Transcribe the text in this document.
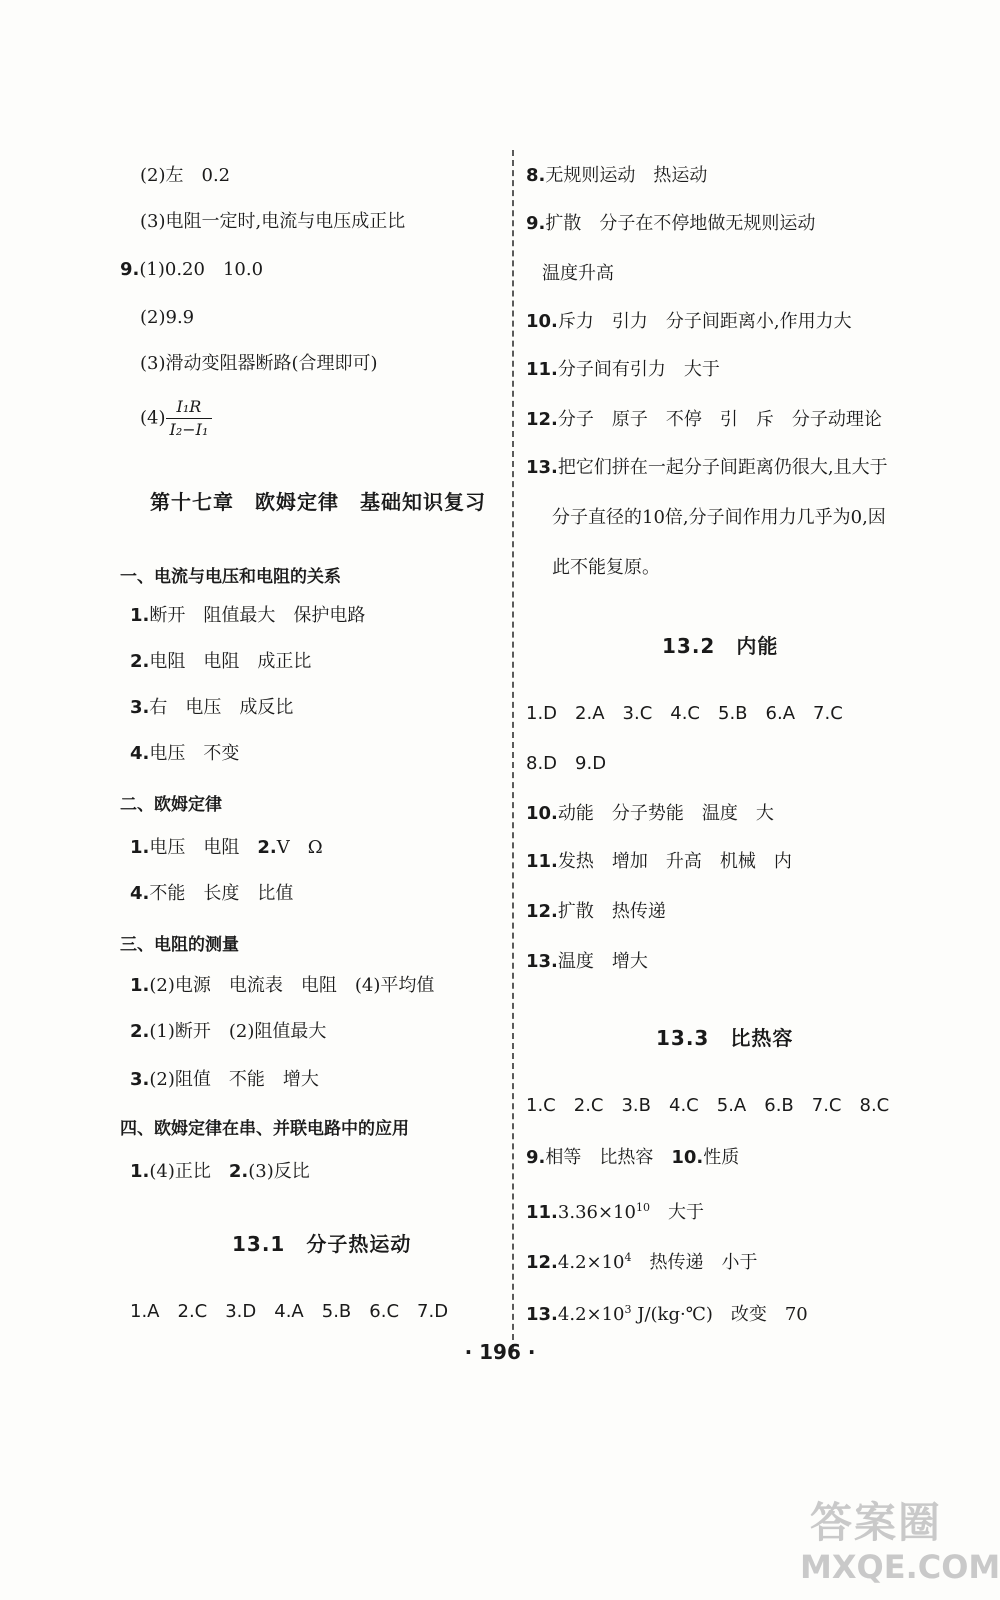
(2)左　0.2
(3)电阻一定时,电流与电压成正比
9.(1)0.20　10.0
(2)9.9
(3)滑动变阻器断路(合理即可)
$(4) \frac{\text{I₁R}}{\text{I₂−I₁}}$
第十七章　欧姆定律　基础知识复习
一、电流与电压和电阻的关系
1.断开　阻值最大　保护电路
2.电阻　电阻　成正比
3.右　电压　成反比
4.电压　不变
二、欧姆定律
1.电压　电阻　2.V　Ω
4.不能　长度　比值
三、电阻的测量
1.(2)电源　电流表　电阻　(4)平均值
2.(1)断开　(2)阻值最大
3.(2)阻值　不能　增大
四、欧姆定律在串、并联电路中的应用
1.(4)正比　2.(3)反比
13.1　分子热运动
1.A　2.C　3.D　4.A　5.B　6.C　7.D
8.无规则运动　热运动
9.扩散　分子在不停地做无规则运动
温度升高
10.斥力　引力　分子间距离小,作用力大
11.分子间有引力　大于
12.分子　原子　不停　引　斥　分子动理论
13.把它们拼在一起分子间距离仍很大,且大于
分子直径的10倍,分子间作用力几乎为0,因
此不能复原。
13.2　内能
1.D　2.A　3.C　4.C　5.B　6.A　7.C
8.D　9.D
10.动能　分子势能　温度　大
11.发热　增加　升高　机械　内
12.扩散　热传递
13.温度　增大
13.3　比热容
1.C　2.C　3.B　4.C　5.A　6.B　7.C　8.C
9.相等　比热容　10.性质
$11.3.36\times 10^{10}$　大于
$12.4.2\times 10^4$　热传递　小于
$13.4.2\times 10^3$ J/(kg·℃)　改变　70
· 196 ·
答案圈
MXQE.COM
